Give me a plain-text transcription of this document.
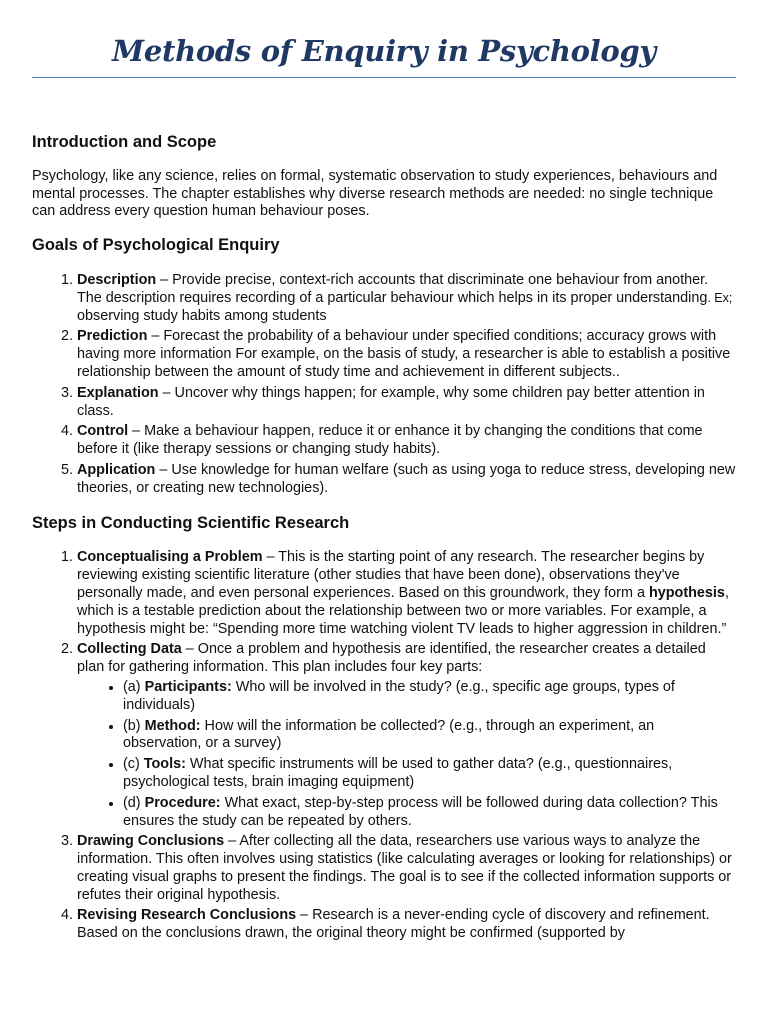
Methods of Enquiry in Psychology
Introduction and Scope

Psychology, like any science, relies on formal, systematic observation to study experiences, behaviours and mental processes. The chapter establishes why diverse research methods are needed: no single technique can address every question human behaviour poses.

Goals of Psychological Enquiry
1. Description – Provide precise, context-rich accounts that discriminate one behaviour from another. The description requires recording of a particular behaviour which helps in its proper understanding. Ex; observing study habits among students
2. Prediction – Forecast the probability of a behaviour under specified conditions; accuracy grows with having more information For example, on the basis of study, a researcher is able to establish a positive relationship between the amount of study time and achievement in different subjects..
3. Explanation – Uncover why things happen; for example, why some children pay better attention in class.
4. Control – Make a behaviour happen, reduce it or enhance it by changing the conditions that come before it (like therapy sessions or changing study habits).
5. Application – Use knowledge for human welfare (such as using yoga to reduce stress, developing new theories, or creating new technologies).
Steps in Conducting Scientific Research
1. Conceptualising a Problem – This is the starting point of any research. The researcher begins by reviewing existing scientific literature (other studies that have been done), observations they've personally made, and even personal experiences. Based on this groundwork, they form a hypothesis, which is a testable prediction about the relationship between two or more variables. For example, a hypothesis might be: “Spending more time watching violent TV leads to higher aggression in children.”
2. Collecting Data – Once a problem and hypothesis are identified, the researcher creates a detailed plan for gathering information. This plan includes four key parts:
• (a) Participants: Who will be involved in the study? (e.g., specific age groups, types of individuals)
• (b) Method: How will the information be collected? (e.g., through an experiment, an observation, or a survey)
• (c) Tools: What specific instruments will be used to gather data? (e.g., questionnaires, psychological tests, brain imaging equipment)
• (d) Procedure: What exact, step-by-step process will be followed during data collection? This ensures the study can be repeated by others.
3. Drawing Conclusions – After collecting all the data, researchers use various ways to analyze the information. This often involves using statistics (like calculating averages or looking for relationships) or creating visual graphs to present the findings. The goal is to see if the collected information supports or refutes their original hypothesis.
4. Revising Research Conclusions – Research is a never-ending cycle of discovery and refinement. Based on the conclusions drawn, the original theory might be confirmed (supported by
